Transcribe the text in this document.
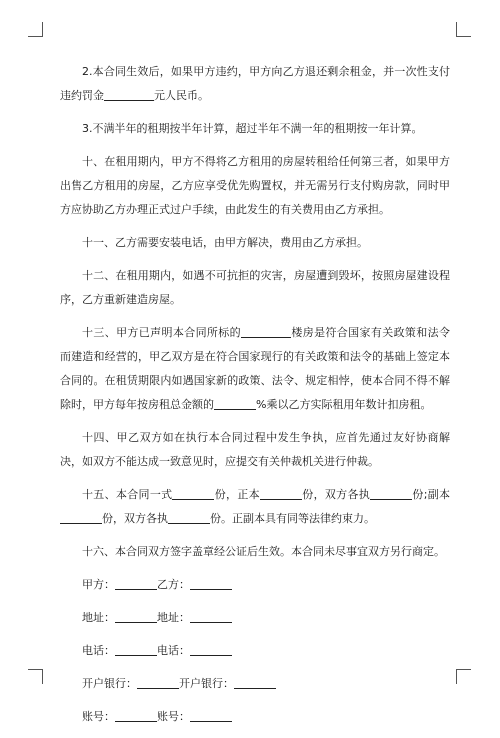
2.本合同生效后，如果甲方违约，甲方向乙方退还剩余租金，并一次性支付违约罚金	元人民币。

3.不满半年的租期按半年计算，超过半年不满一年的租期按一年计算。

十、在租用期内，甲方不得将乙方租用的房屋转租给任何第三者，如果甲方出售乙方租用的房屋，乙方应享受优先购置权，并无需另行支付购房款，同时甲方应协助乙方办理正式过户手续，由此发生的有关费用由乙方承担。

十一、乙方需要安装电话，由甲方解决，费用由乙方承担。

十二、在租用期内，如遇不可抗拒的灾害，房屋遭到毁坏，按照房屋建设程序，乙方重新建造房屋。

十三、甲方已声明本合同所标的	楼房是符合国家有关政策和法令而建造和经营的，甲乙双方是在符合国家现行的有关政策和法令的基础上签定本合同的。在租赁期限内如遇国家新的政策、法令、规定相悖，使本合同不得不解除时，甲方每年按房租总金额的	%乘以乙方实际租用年数计扣房租。

十四、甲乙双方如在执行本合同过程中发生争执，应首先通过友好协商解决，如双方不能达成一致意见时，应提交有关仲裁机关进行仲裁。

十五、本合同一式	份，正本	份，双方各执	份;副本份，双方各执	份。正副本具有同等法律约束力。

十六、本合同双方签字盖章经公证后生效。本合同未尽事宜双方另行商定。

甲方：	乙方：
地址：	地址：
电话：	电话：
开户银行：	开户银行：
账号：	账号：
